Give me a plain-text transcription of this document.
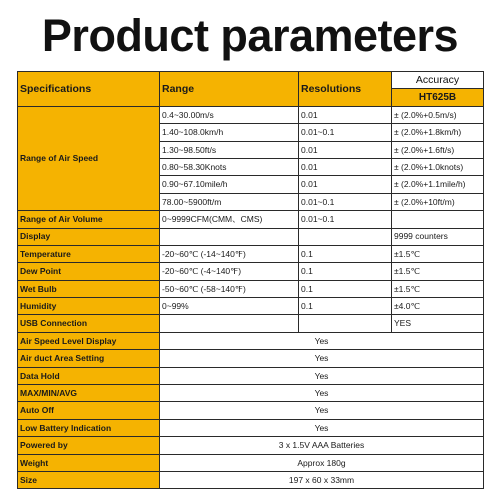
Product parameters
Specifications	Range	Resolutions	Accuracy
			HT625B
Range of Air Speed	0.4~30.00m/s	0.01	± (2.0%+0.5m/s)
	1.40~108.0km/h	0.01~0.1	± (2.0%+1.8km/h)
	1.30~98.50ft/s	0.01	± (2.0%+1.6ft/s)
	0.80~58.30Knots	0.01	± (2.0%+1.0knots)
	0.90~67.10mile/h	0.01	± (2.0%+1.1mile/h)
	78.00~5900ft/m	0.01~0.1	± (2.0%+10ft/m)
Range of Air Volume	0~9999CFM(CMM、CMS)	0.01~0.1	
Display			9999 counters
Temperature	-20~60℃ (-14~140℉)	0.1	±1.5℃
Dew Point	-20~60℃ (-4~140℉)	0.1	±1.5℃
Wet Bulb	-50~60℃ (-58~140℉)	0.1	±1.5℃
Humidity	0~99%	0.1	±4.0℃
USB Connection			YES
Air Speed Level Display	Yes		
Air duct Area Setting	Yes		
Data Hold	Yes		
MAX/MIN/AVG	Yes		
Auto Off	Yes		
Low Battery Indication	Yes		
Powered by	3 x 1.5V AAA Batteries		
Weight	Approx 180g		
Size	197 x 60 x 33mm		
